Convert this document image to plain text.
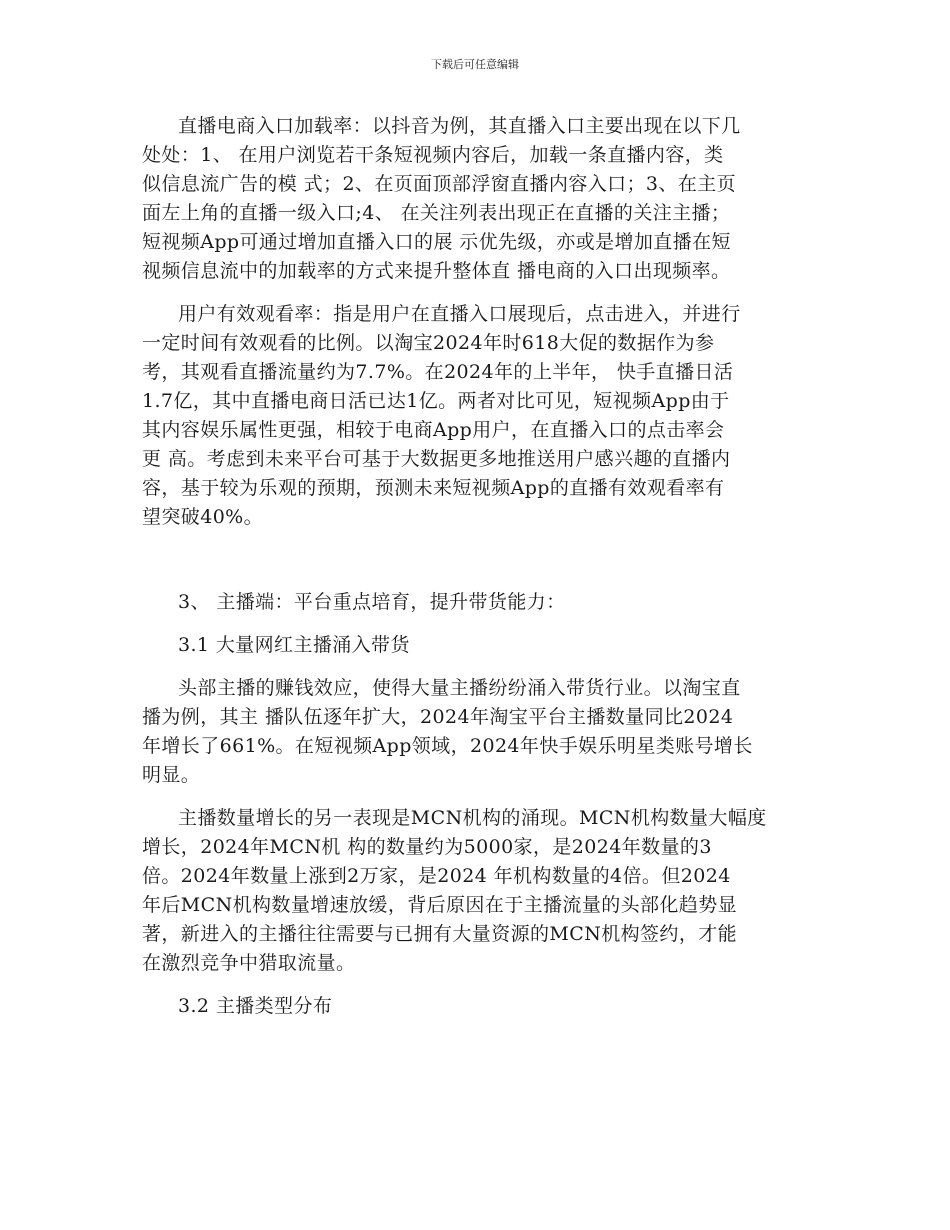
下载后可任意编辑
直播电商入口加载率：以抖音为例，其直播入口主要出现在以下几
处处：1、 在用户浏览若干条短视频内容后，加载一条直播内容，类
似信息流广告的模 式；2、在页面顶部浮窗直播内容入口；3、在主页
面左上角的直播一级入口;4、 在关注列表出现正在直播的关注主播；
短视频App可通过增加直播入口的展 示优先级，亦或是增加直播在短
视频信息流中的加载率的方式来提升整体直 播电商的入口出现频率。
用户有效观看率：指是用户在直播入口展现后，点击进入，并进行
一定时间有效观看的比例。以淘宝2024年时618大促的数据作为参
考，其观看直播流量约为7.7%。在2024年的上半年， 快手直播日活
1.7亿，其中直播电商日活已达1亿。两者对比可见，短视频App由于
其内容娱乐属性更强，相较于电商App用户，在直播入口的点击率会
更 高。考虑到未来平台可基于大数据更多地推送用户感兴趣的直播内
容，基于较为乐观的预期，预测未来短视频App的直播有效观看率有
望突破40%。
3、 主播端：平台重点培育，提升带货能力：
3.1 大量网红主播涌入带货
头部主播的赚钱效应，使得大量主播纷纷涌入带货行业。以淘宝直
播为例，其主 播队伍逐年扩大，2024年淘宝平台主播数量同比2024
年增长了661%。在短视频App领域，2024年快手娱乐明星类账号增长
明显。
主播数量增长的另一表现是MCN机构的涌现。MCN机构数量大幅度
增长，2024年MCN机 构的数量约为5000家，是2024年数量的3
倍。2024年数量上涨到2万家，是2024 年机构数量的4倍。但2024
年后MCN机构数量增速放缓，背后原因在于主播流量的头部化趋势显
著，新进入的主播往往需要与已拥有大量资源的MCN机构签约，才能
在激烈竞争中猎取流量。
3.2 主播类型分布
